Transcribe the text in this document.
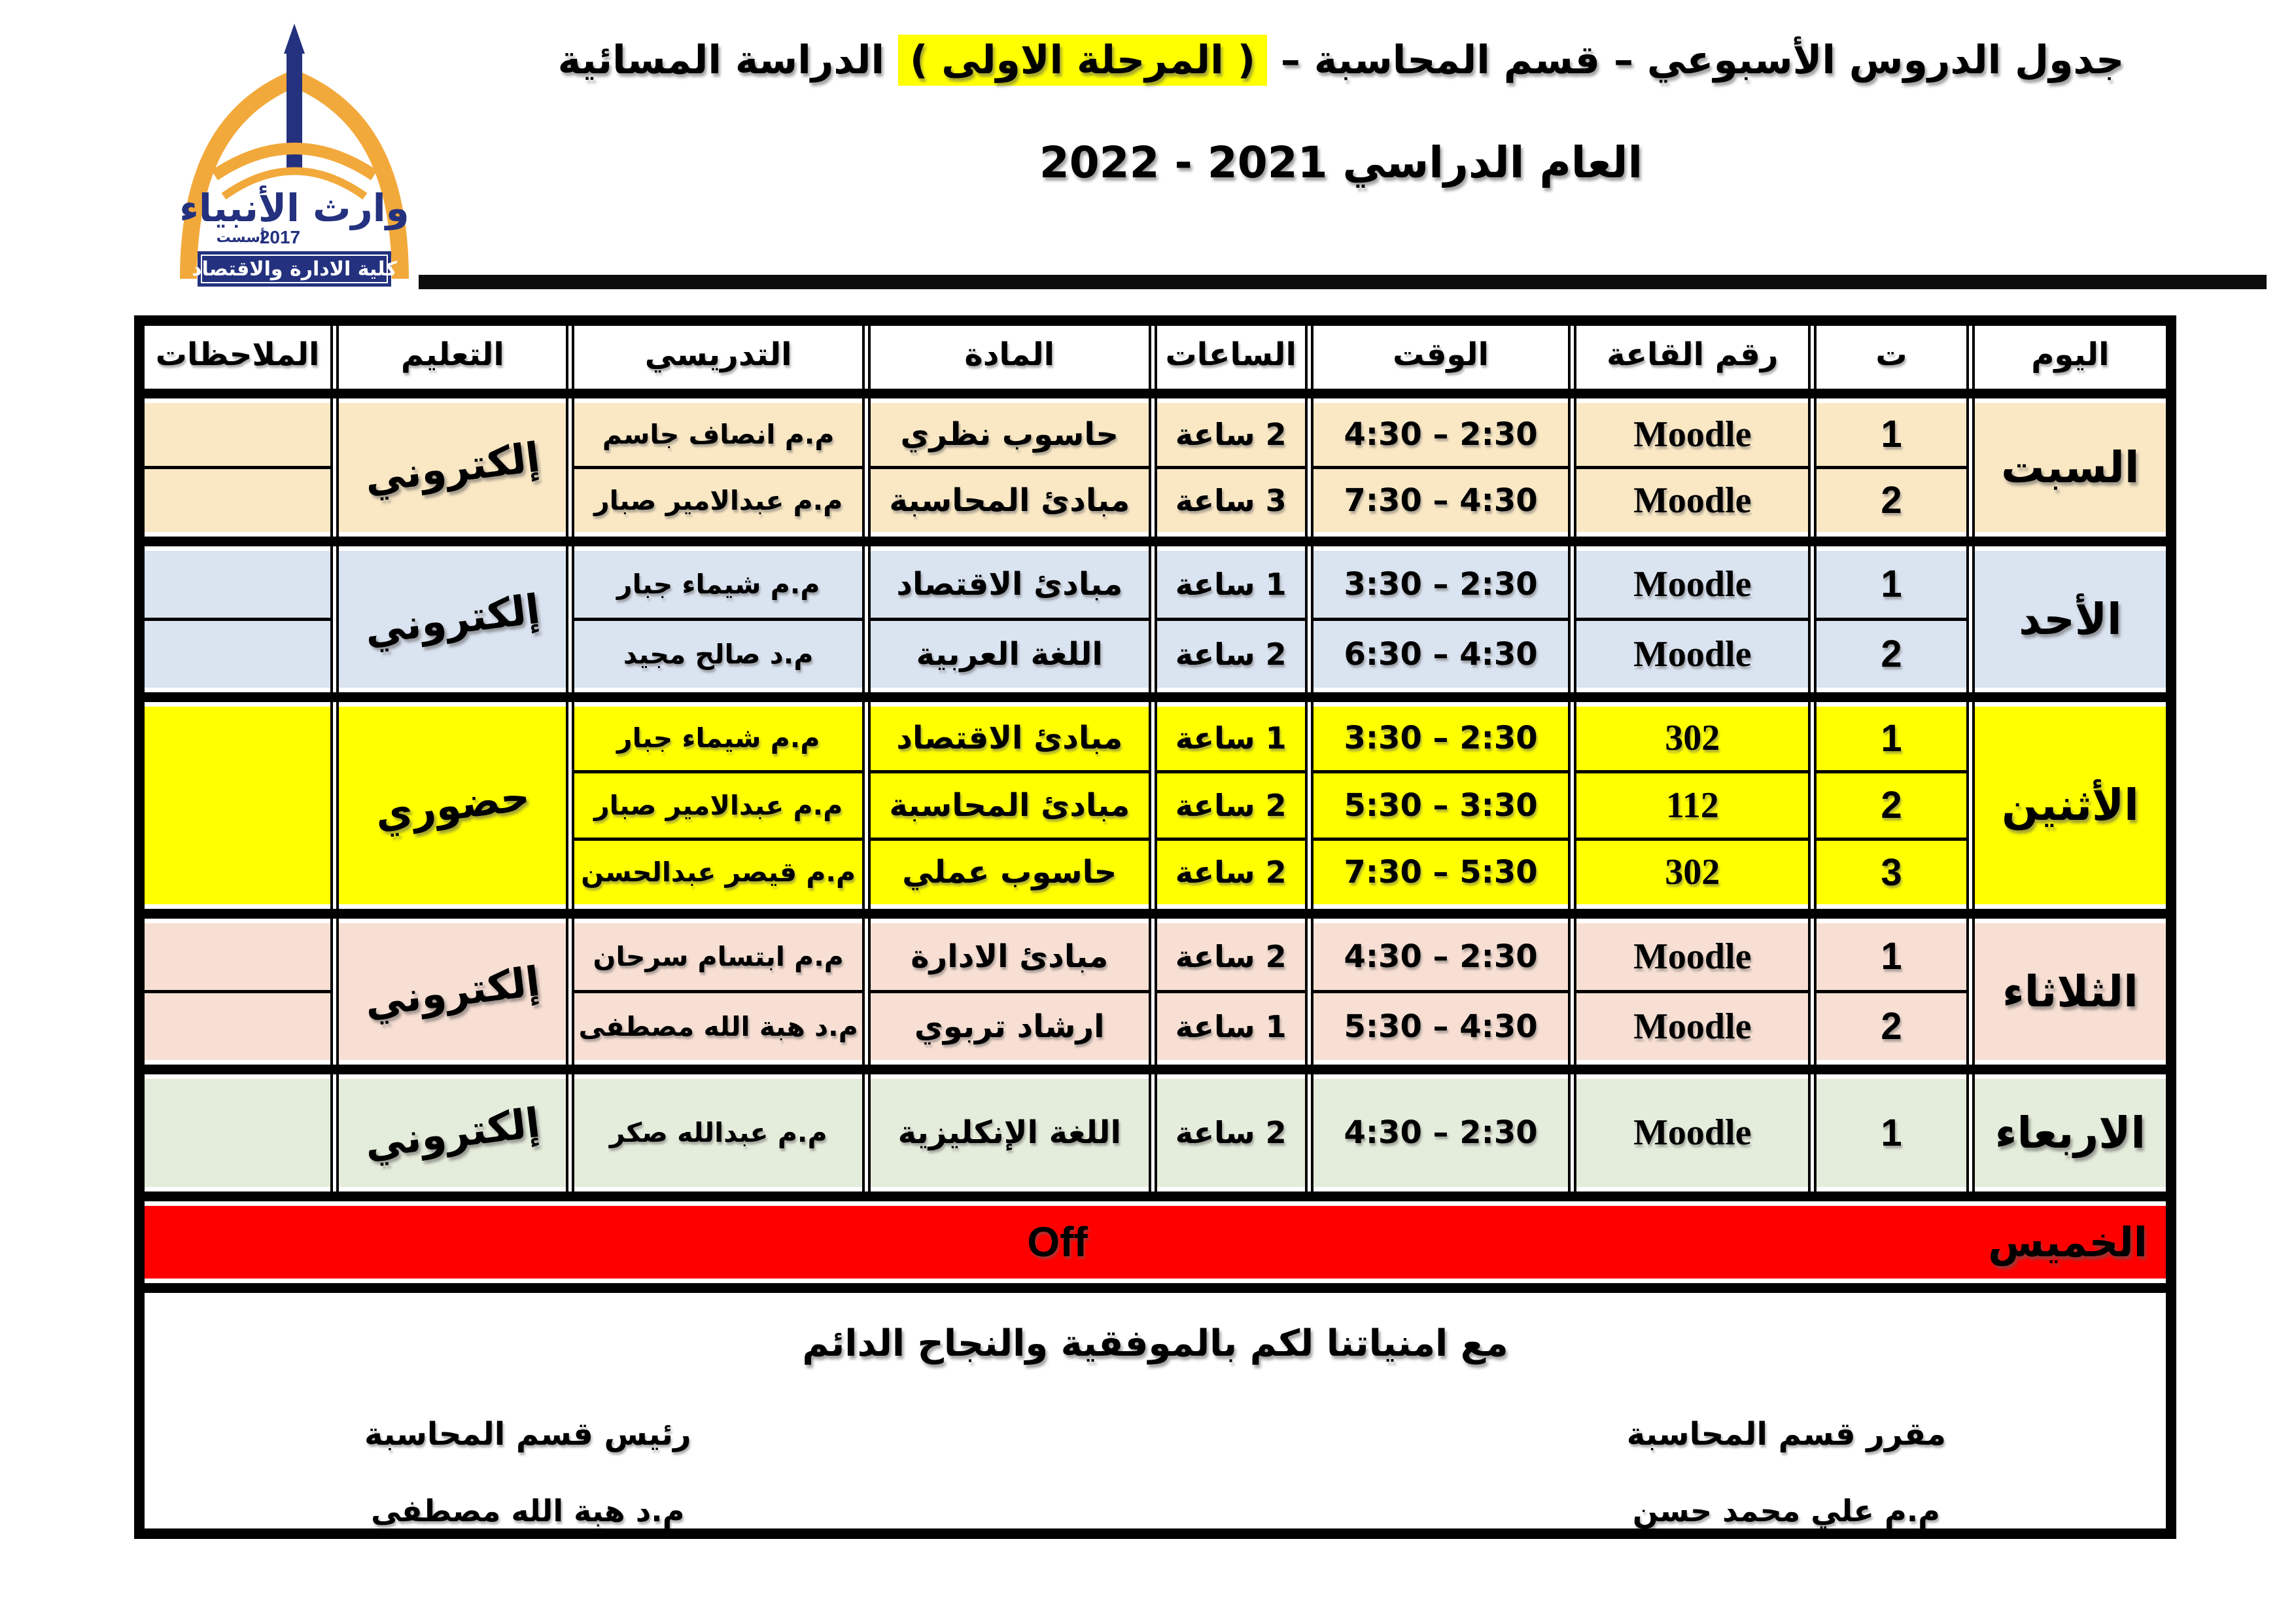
وارث الأنبياء
أسست
2017
كلية الادارة والاقتصاد
جدول الدروس الأسبوعي – قسم المحاسبة – ( المرحلة الاولى ) الدراسة المسائية
العام الدراسي 2021 - 2022
اليوم	ت	رقم القاعة	الوقت	الساعات	المادة	التدريسي	التعليم	الملاحظات

السبت	1	Moodle	4:30 – 2:30	2 ساعة	حاسوب نظري	م.م انصاف جاسم	إلكتروني	
	2	Moodle	7:30 – 4:30	3 ساعة	مبادئ المحاسبة	م.م عبدالامير صبار		

الأحد	1	Moodle	3:30 – 2:30	1 ساعة	مبادئ الاقتصاد	م.م شيماء جبار	إلكتروني	
	2	Moodle	6:30 – 4:30	2 ساعة	اللغة العربية	م.د صالح مجيد		

الأثنين	1	302	3:30 – 2:30	1 ساعة	مبادئ الاقتصاد	م.م شيماء جبار	حضوري	
	2	112	5:30 – 3:30	2 ساعة	مبادئ المحاسبة	م.م عبدالامير صبار		
	3	302	7:30 – 5:30	2 ساعة	حاسوب عملي	م.م قيصر عبدالحسن		

الثلاثاء	1	Moodle	4:30 – 2:30	2 ساعة	مبادئ الادارة	م.م ابتسام سرحان	إلكتروني	
	2	Moodle	5:30 – 4:30	1 ساعة	ارشاد تربوي	م.د هبة الله مصطفى		

الاربعاء	1	Moodle	4:30 – 2:30	2 ساعة	اللغة الإنكليزية	م.م عبدالله صكر	إلكتروني	

الخميس	Off							

مع امنياتنا لكم بالموفقية والنجاح الدائم
مقرر قسم المحاسبة
م.م علي محمد حسن
رئيس قسم المحاسبة
م.د هبة الله مصطفى								
